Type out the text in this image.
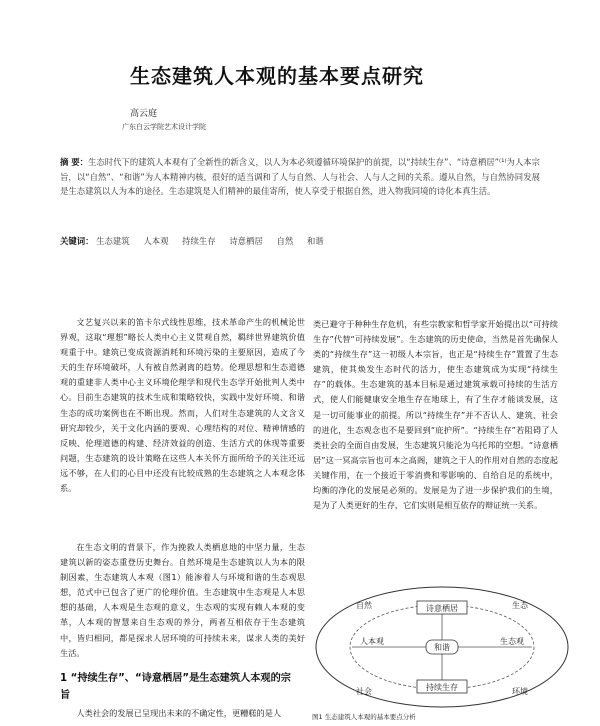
生态建筑人本观的基本要点研究
高云庭
广东白云学院艺术设计学院
摘 要：生态时代下的建筑人本观有了全新性的新含义，以人为本必须遵循环境保护的前提，以“持续生存”、“诗意栖居”⁽¹⁾为人本宗旨，以“自然”、“和谐”为人本精神内核，很好的适当调和了人与自然、人与社会、人与人之间的关系。遵从自然，与自然协同发展是生态建筑以人为本的途径。生态建筑是人们精神的最佳寄所，使人享受于根据自然，进入物我同境的诗化本真生活。
关键词： 生态建筑 人本观 持续生存 诗意栖居 自然 和谐

文艺复兴以来的笛卡尔式线性思维，技术革命产生的机械论世界观，这取“理想”略长人类中心主义贯观自然，羁绊世界建筑价值观重于中。建筑已变成资源消耗和环境污染的主要原因，造成了今天的生存环境破坏，人有被自然剥离的趋势。伦理思想和生态道德观的重建非人类中心主义环境伦理学和现代生态学开始批判人类中心。目前生态建筑的技术生成和策略较快，实践中发好环境、和谐生态的成功案例也在不断出现。然而，人们对生态建筑的人文含义研究却较少，关于文化内涵的要观、心理结构的对位、精神情感的反映、伦理道德的构建、经济效益的创造、生活方式的休现等重要问题，生态建筑的设计策略在这些人本关怀方面所给予的关注还远远不够，在人们的心目中还没有比较成熟的生态建筑之人本观念体系。

在生态文明的背景下，作为挽救人类栖息地的中坚力量，生态建筑以新的姿态重登历史舞台。自然环境是生态建筑以人为本的限制因素，生态建筑人本观（图1）能渗着人与环境和谐的生态观思想，范式中已包含了更广的伦理价值。生态建筑中生态观是人本思想的基础，人本观是生态观的意义，生态观的实现有赖人本观的变革，人本观的智慧来自生态观的养分，两者互相依存于生态建筑中，皆归相同，都是探求人居环境的可持续未来，谋求人类的美好生活。

1 “持续生存”、“诗意栖居”是生态建筑人本观的宗旨

人类社会的发展已呈现出未来的不确定性，更糟糕的是人

类已避守于种种生存危机，有些宗教家和哲学家开始提出以“可持续生存”代替“可持续发展”。生态建筑的历史使命，当然是首先确保人类的“持续生存”这一初级人本宗旨，也正是“持续生存”置置了生态建筑，使其焕发生态时代的活力，使生态建筑成为实现“持续生存”的载体。生态建筑的基本目标是通过建筑承载可持续的生活方式，使人们能健康安全地生存在地球上，有了生存才能谈发展，这是一切可能事业的前提。所以“持续生存”并不否认人、建筑、社会的进化，生态观念也不是要回到“庇护所”。“持续生存”若阻碍了人类社会的全面自由发展，生态建筑只能沦为乌托邦的空想。“诗意栖居”这一冥高宗旨也可本之高阁，建筑之于人的作用对自然的态度起关键作用，在一个接近于零消费和零影响的、自给自足的系统中，均衡的净化的发展是必须的。发展是为了进一步保护我们的生境，是为了人类更好的生存，它们实则是相互依存的辩证统一关系。

诗意栖居
持续生存
和谐
人本观	生态观
自然	生态
社会	环境
图1 生态建筑人本观的基本要点分析
